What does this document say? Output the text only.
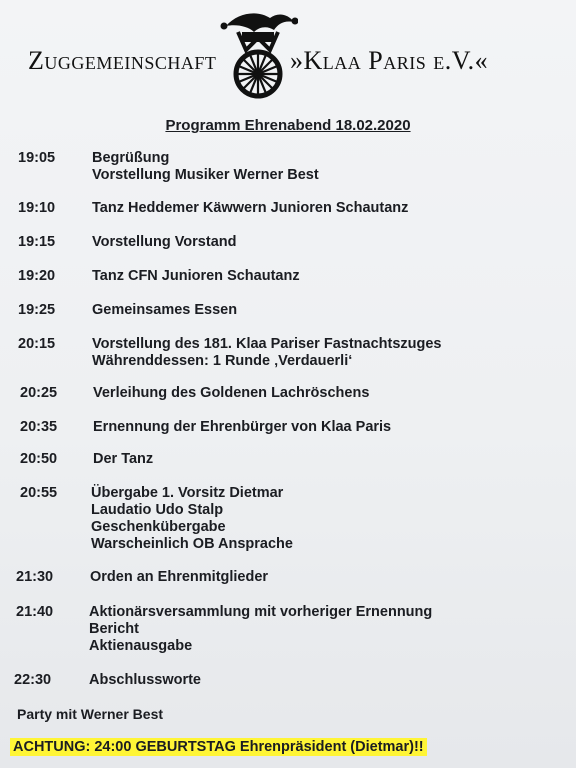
Zuggemeinschaft	»Klaa Paris e.V.«
Programm Ehrenabend 18.02.2020
19:05	Begrüßung
Vorstellung Musiker Werner Best
19:10	Tanz Heddemer Käwwern Junioren Schautanz
19:15	Vorstellung Vorstand
19:20	Tanz CFN Junioren Schautanz
19:25	Gemeinsames Essen
20:15	Vorstellung des 181. Klaa Pariser Fastnachtszuges
Währenddessen: 1 Runde ‚Verdauerli‘
20:25 Verleihung des Goldenen Lachröschens
20:35 Ernennung der Ehrenbürger von Klaa Paris
20:50 Der Tanz
20:55 Übergabe 1. Vorsitz Dietmar
Laudatio Udo Stalp
Geschenkübergabe
Warscheinlich OB Ansprache
21:30	Orden an Ehrenmitglieder
21:40 Aktionärsversammlung mit vorheriger Ernennung
Bericht
Aktienausgabe
22:30	Abschlussworte
Party mit Werner Best
ACHTUNG: 24:00 GEBURTSTAG Ehrenpräsident (Dietmar)!!
